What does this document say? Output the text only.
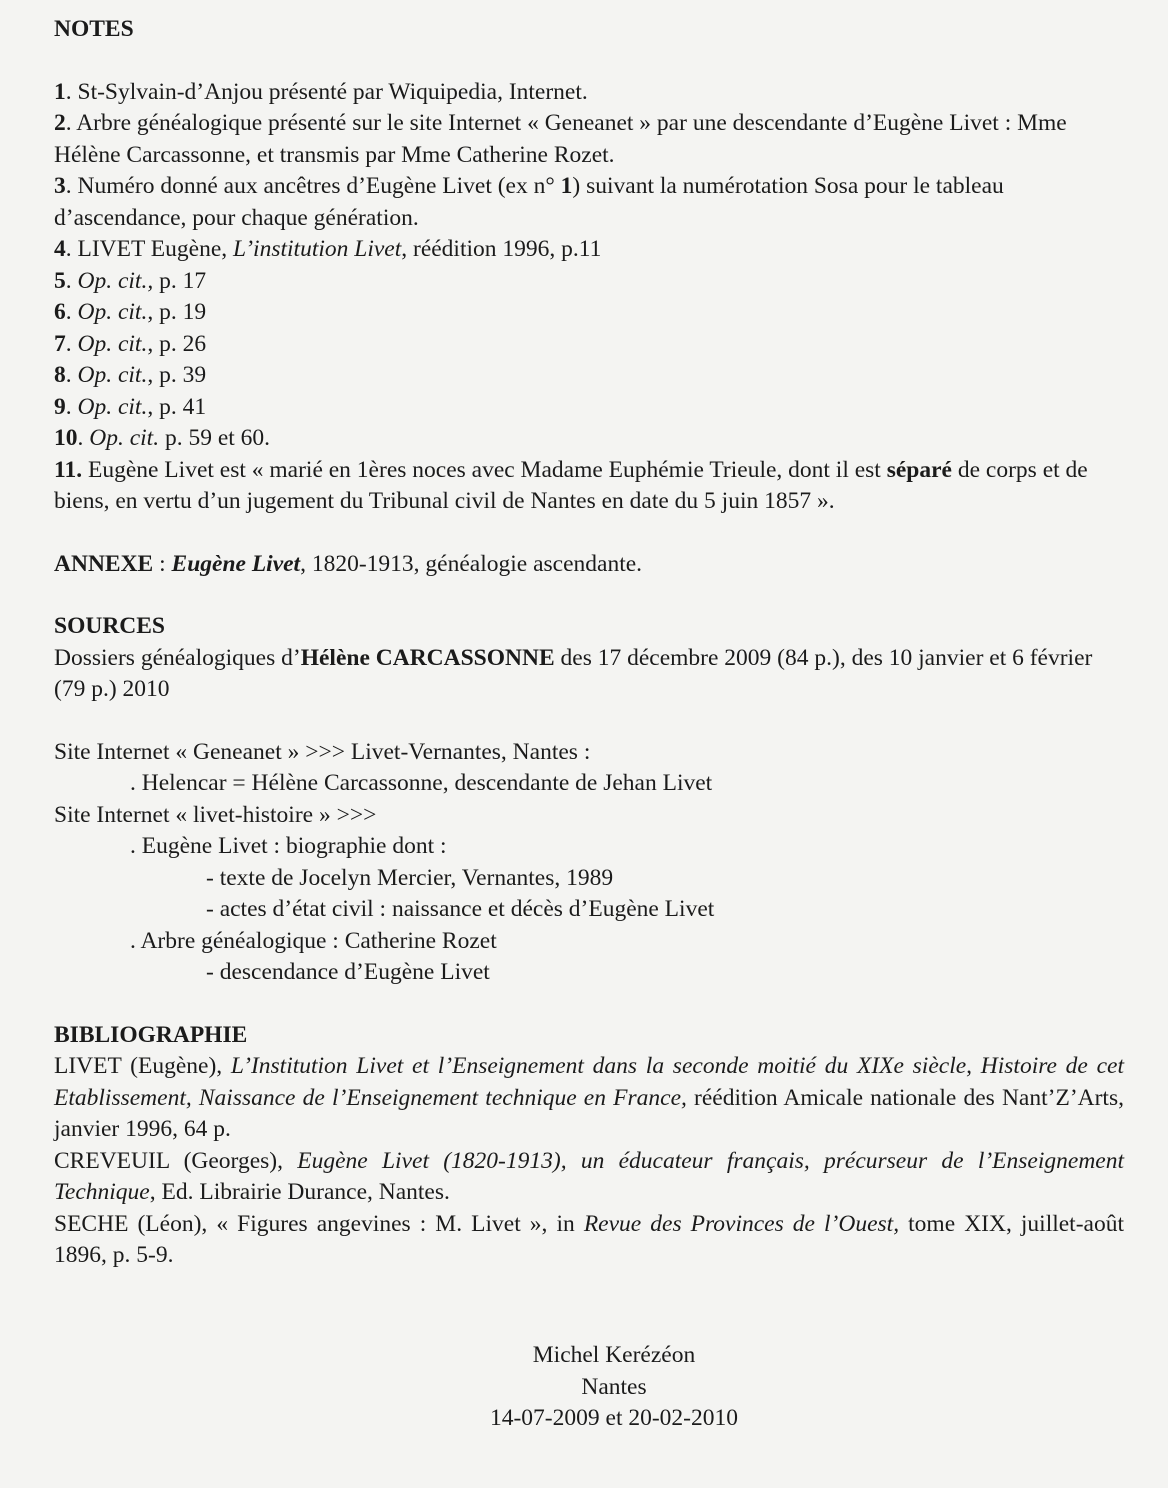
NOTES

1. St-Sylvain-d’Anjou présenté par Wiquipedia, Internet.

2. Arbre généalogique présenté sur le site Internet « Geneanet » par une descendante d’Eugène Livet : Mme Hélène Carcassonne, et transmis par Mme Catherine Rozet.

3. Numéro donné aux ancêtres d’Eugène Livet (ex n° 1) suivant la numérotation Sosa pour le tableau d’ascendance, pour chaque génération.

4. LIVET Eugène, L’institution Livet, réédition 1996, p.11

5. Op. cit., p. 17

6. Op. cit., p. 19

7. Op. cit., p. 26

8. Op. cit., p. 39

9. Op. cit., p. 41

10. Op. cit. p. 59 et 60.

11. Eugène Livet est « marié en 1ères noces avec Madame Euphémie Trieule, dont il est séparé de corps et de biens, en vertu d’un jugement du Tribunal civil de Nantes en date du 5 juin 1857 ».

ANNEXE : Eugène Livet, 1820-1913, généalogie ascendante.

SOURCES

Dossiers généalogiques d’Hélène CARCASSONNE des 17 décembre 2009 (84 p.), des 10 janvier et 6 février (79 p.) 2010

Site Internet « Geneanet » >>> Livet-Vernantes, Nantes :

. Helencar = Hélène Carcassonne, descendante de Jehan Livet

Site Internet « livet-histoire » >>>

. Eugène Livet : biographie dont :

- texte de Jocelyn Mercier, Vernantes, 1989

- actes d’état civil : naissance et décès d’Eugène Livet

. Arbre généalogique : Catherine Rozet

- descendance d’Eugène Livet

BIBLIOGRAPHIE

LIVET (Eugène), L’Institution Livet et l’Enseignement dans la seconde moitié du XIXe siècle, Histoire de cet Etablissement, Naissance de l’Enseignement technique en France, réédition Amicale nationale des Nant’Z’Arts, janvier 1996, 64 p.

CREVEUIL (Georges), Eugène Livet (1820-1913), un éducateur français, précurseur de l’Enseignement Technique, Ed. Librairie Durance, Nantes.

SECHE (Léon), « Figures angevines : M. Livet », in Revue des Provinces de l’Ouest, tome XIX, juillet-août 1896, p. 5-9.

Michel Kerézéon
Nantes
14-07-2009 et 20-02-2010
